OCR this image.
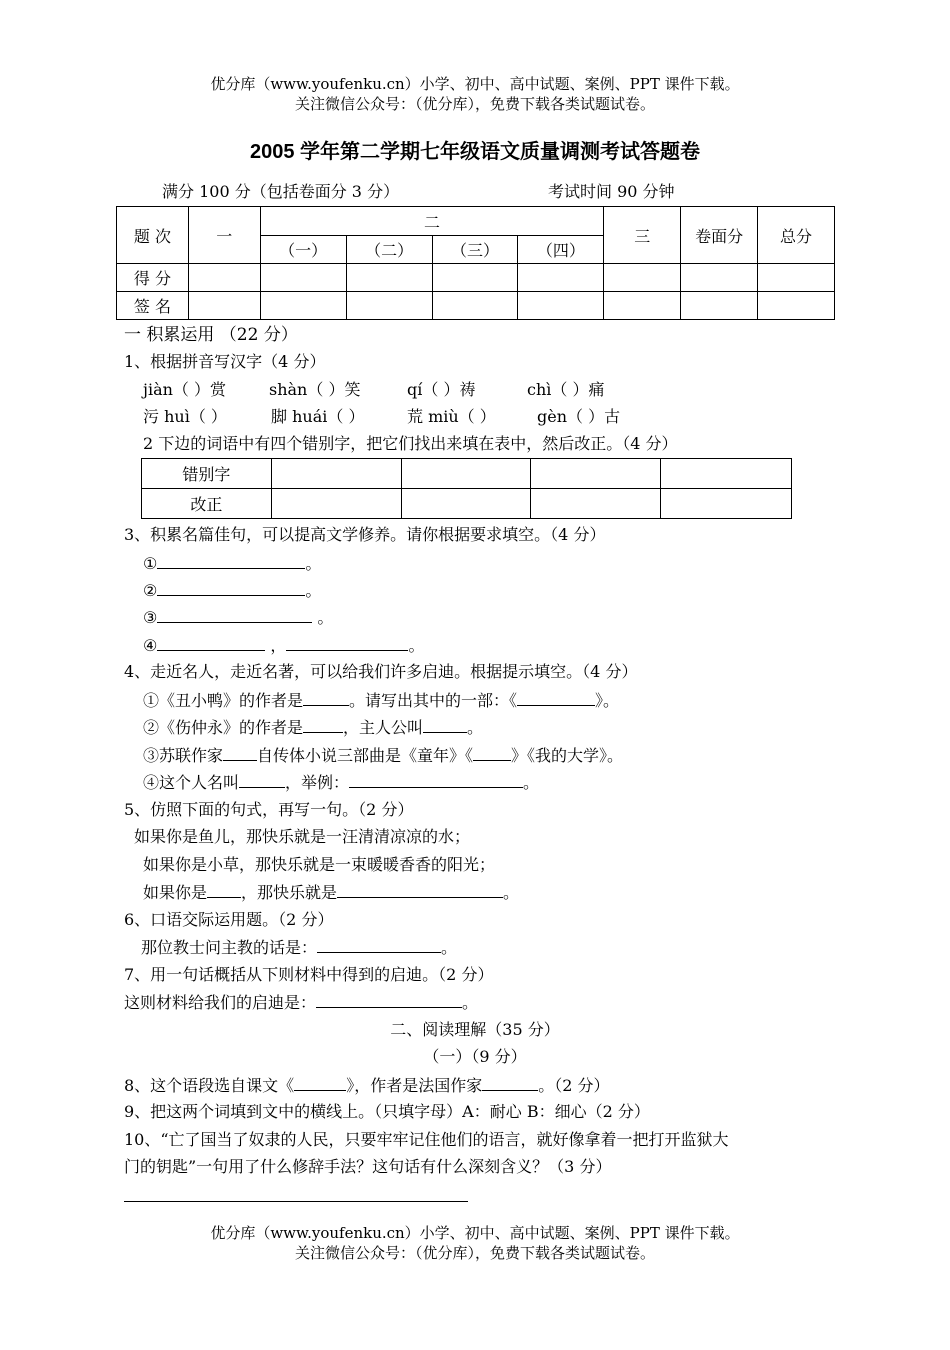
优分库（www.youfenku.cn）小学、初中、高中试题、案例、PPT 课件下载。
关注微信公众号：（优分库），免费下载各类试题试卷。
2005 学年第二学期七年级语文质量调测考试答题卷
满分 100 分（包括卷面分 3 分）	考试时间 90 分钟
题 次	一	二				三	卷面分	总分
		（一）	（二）	（三）	（四）			
得 分								
签 名								
一 积累运用 （22 分）
1、根据拼音写汉字（4 分）
jiàn（ ）赏	shàn（ ）笑	qí（ ）祷	chì（ ）痛
污 huì（ ）	脚 huái（ ）	荒 miù（ ）	gèn（ ）古
2 下边的词语中有四个错别字，把它们找出来填在表中，然后改正。（4 分）
错别字				
改正				
3、积累名篇佳句，可以提高文学修养。请你根据要求填空。（4 分）
①	。
②	。
③	。
④	，	。
4、走近名人，走近名著，可以给我们许多启迪。根据提示填空。（4 分）
①《丑小鸭》的作者是	。请写出其中的一部：《	》。
②《伤仲永》的作者是	，主人公叫	。
③苏联作家 自传体小说三部曲是《童年》《 》《我的大学》。
④这个人名叫	，举例：	。
5、仿照下面的句式，再写一句。（2 分）
如果你是鱼儿，那快乐就是一汪清清凉凉的水；
如果你是小草，那快乐就是一束暖暖香香的阳光；
如果你是 ，那快乐就是	。
6、口语交际运用题。（2 分）
那位教士问主教的话是：	。
7、用一句话概括从下则材料中得到的启迪。（2 分）
这则材料给我们的启迪是：	。
二、阅读理解（35 分）
（一）（9 分）
8、这个语段选自课文《	》，作者是法国作家	。（2 分）
9、把这两个词填到文中的横线上。（只填字母）A：耐心 B：细心（2 分）
10、“亡了国当了奴隶的人民，只要牢牢记住他们的语言，就好像拿着一把打开监狱大
门的钥匙”一句用了什么修辞手法？这句话有什么深刻含义？（3 分）
优分库（www.youfenku.cn）小学、初中、高中试题、案例、PPT 课件下载。
关注微信公众号：（优分库），免费下载各类试题试卷。
